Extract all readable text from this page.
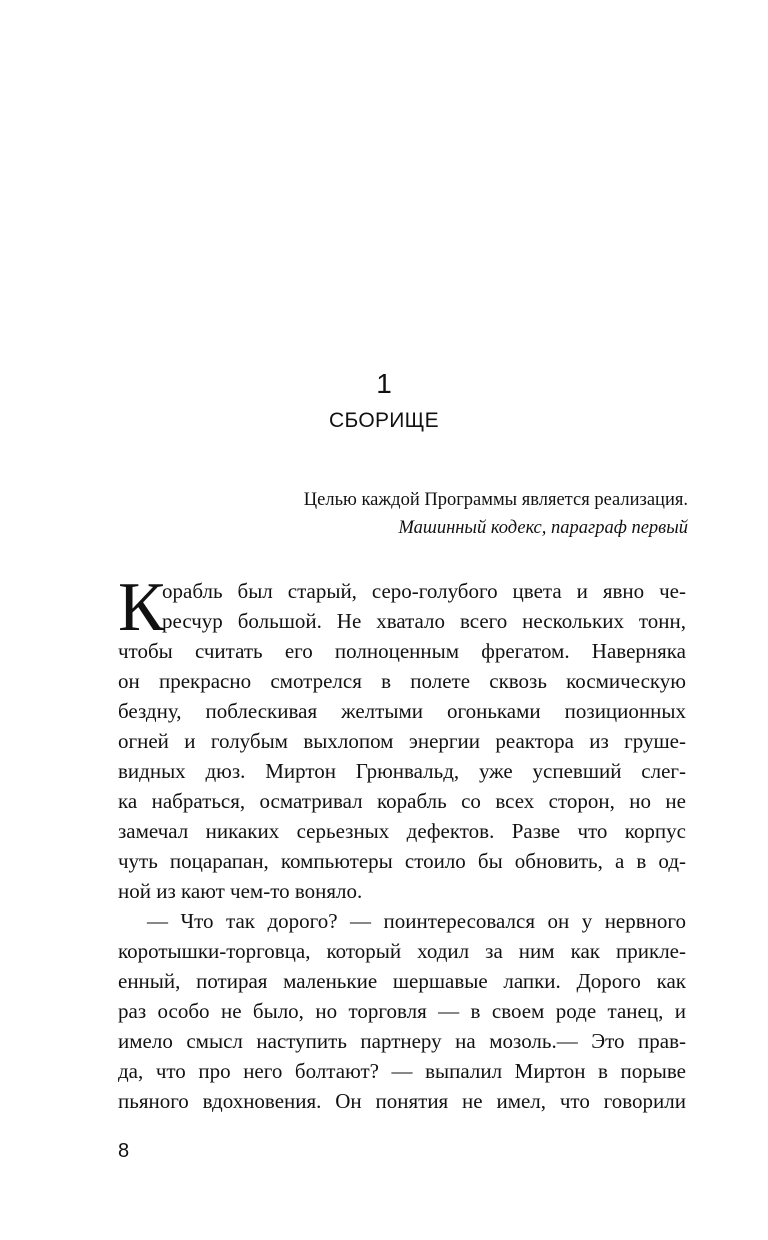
1
СБОРИЩЕ
Целью каждой Программы является реализация.
Машинный кодекс, параграф первый
К
орабль был старый, серо-голубого цвета и явно че-
ресчур большой. Не хватало всего нескольких тонн,
чтобы считать его полноценным фрегатом. Наверняка
он прекрасно смотрелся в полете сквозь космическую
бездну, поблескивая желтыми огоньками позиционных
огней и голубым выхлопом энергии реактора из груше-
видных дюз. Миртон Грюнвальд, уже успевший слег-
ка набраться, осматривал корабль со всех сторон, но не
замечал никаких серьезных дефектов. Разве что корпус
чуть поцарапан, компьютеры стоило бы обновить, а в од-
ной из кают чем-то воняло.
— Что так дорого? — поинтересовался он у нервного
коротышки-торговца, который ходил за ним как прикле-
енный, потирая маленькие шершавые лапки. Дорого как
раз особо не было, но торговля — в своем роде танец, и
имело смысл наступить партнеру на мозоль.— Это прав-
да, что про него болтают? — выпалил Миртон в порыве
пьяного вдохновения. Он понятия не имел, что говорили
8
